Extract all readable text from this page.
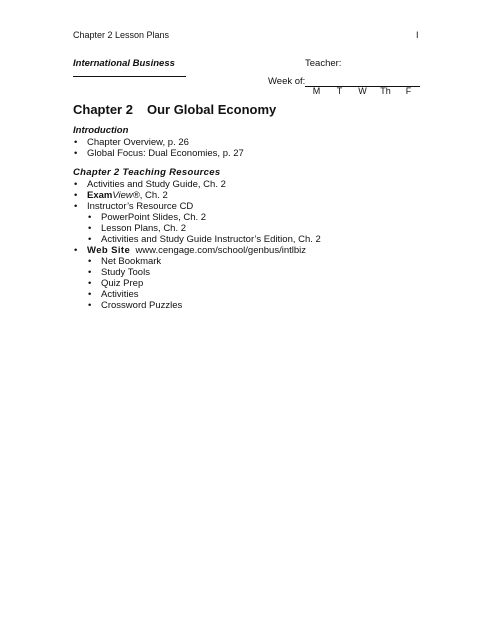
Chapter 2 Lesson Plans	I
International Business	Teacher:
Week of:
M	T	W	Th	F
Chapter 2 Our Global Economy
Introduction
• Chapter Overview, p. 26
• Global Focus: Dual Economies, p. 27
Chapter 2 Teaching Resources
• Activities and Study Guide, Ch. 2
• ExamView®, Ch. 2
• Instructor’s Resource CD
• PowerPoint Slides, Ch. 2
• Lesson Plans, Ch. 2
• Activities and Study Guide Instructor’s Edition, Ch. 2
• Web Site www.cengage.com/school/genbus/intlbiz
• Net Bookmark
• Study Tools
• Quiz Prep
• Activities
• Crossword Puzzles
